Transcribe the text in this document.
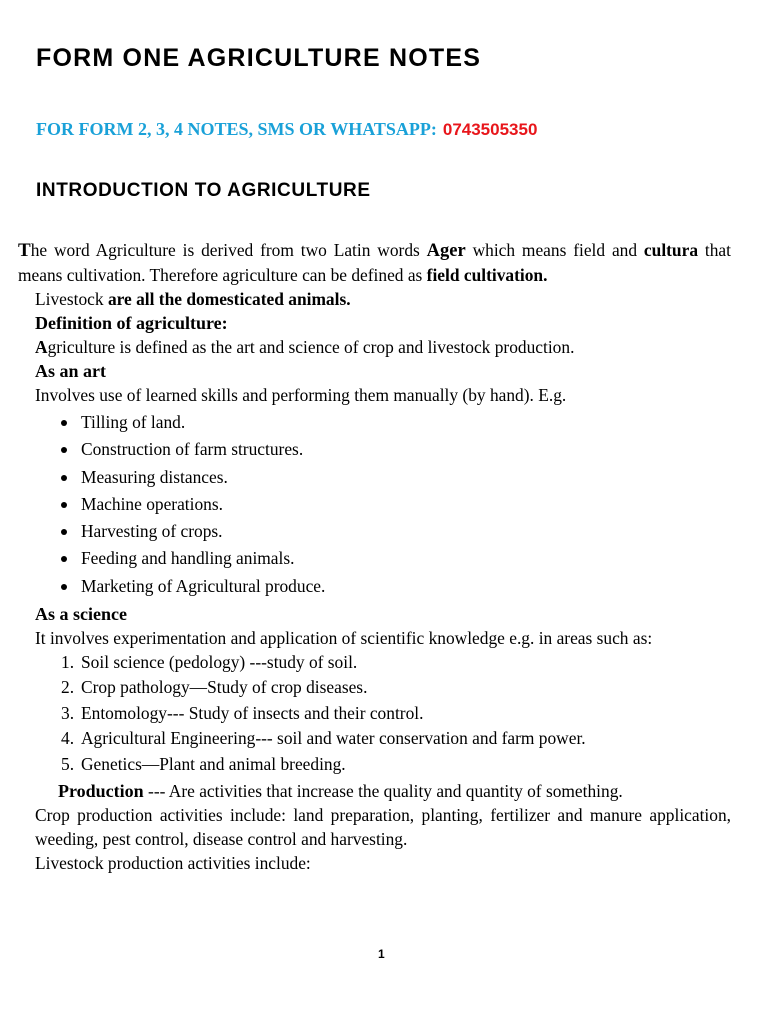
FORM ONE AGRICULTURE NOTES

FOR FORM 2, 3, 4 NOTES, SMS OR WHATSAPP: 0743505350

INTRODUCTION TO AGRICULTURE

The word Agriculture is derived from two Latin words Ager which means field and cultura that means cultivation. Therefore agriculture can be defined as field cultivation.

Livestock are all the domesticated animals.

Definition of agriculture:

Agriculture is defined as the art and science of crop and livestock production.

As an art

Involves use of learned skills and performing them manually (by hand). E.g.

Tilling of land.
Construction of farm structures.
Measuring distances.
Machine operations.
Harvesting of crops.
Feeding and handling animals.
Marketing of Agricultural produce.

As a science

It involves experimentation and application of scientific knowledge e.g. in areas such as:

1. Soil science (pedology) ---study of soil.
2. Crop pathology—Study of crop diseases.
3. Entomology--- Study of insects and their control.
4. Agricultural Engineering--- soil and water conservation and farm power.
5. Genetics—Plant and animal breeding.

Production --- Are activities that increase the quality and quantity of something.

Crop production activities include: land preparation, planting, fertilizer and manure application, weeding, pest control, disease control and harvesting.

Livestock production activities include:

1
